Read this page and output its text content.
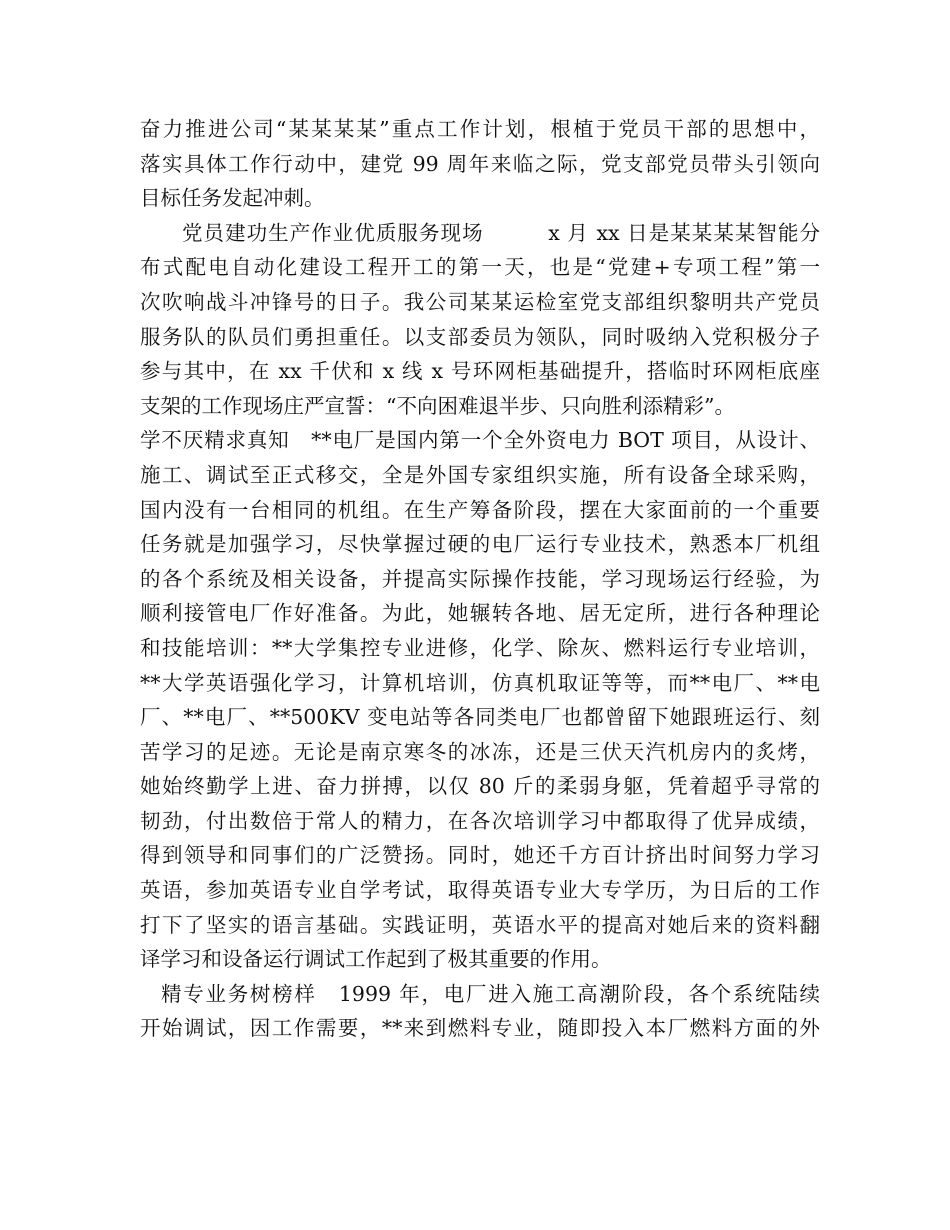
奋力推进公司“某某某某”重点工作计划，根植于党员干部的思想中，
落实具体工作行动中，建党 99 周年来临之际，党支部党员带头引领向
目标任务发起冲刺。
党员建功生产作业优质服务现场　　　x 月 xx 日是某某某某智能分
布式配电自动化建设工程开工的第一天，也是“党建+专项工程”第一
次吹响战斗冲锋号的日子。我公司某某运检室党支部组织黎明共产党员
服务队的队员们勇担重任。以支部委员为领队，同时吸纳入党积极分子
参与其中，在 xx 千伏和 x 线 x 号环网柜基础提升，搭临时环网柜底座
支架的工作现场庄严宣誓：“不向困难退半步、只向胜利添精彩”。
学不厌精求真知　**电厂是国内第一个全外资电力 BOT 项目，从设计、
施工、调试至正式移交，全是外国专家组织实施，所有设备全球采购，
国内没有一台相同的机组。在生产筹备阶段，摆在大家面前的一个重要
任务就是加强学习，尽快掌握过硬的电厂运行专业技术，熟悉本厂机组
的各个系统及相关设备，并提高实际操作技能，学习现场运行经验，为
顺利接管电厂作好准备。为此，她辗转各地、居无定所，进行各种理论
和技能培训：**大学集控专业进修，化学、除灰、燃料运行专业培训，
**大学英语强化学习，计算机培训，仿真机取证等等，而**电厂、**电
厂、**电厂、**500KV 变电站等各同类电厂也都曾留下她跟班运行、刻
苦学习的足迹。无论是南京寒冬的冰冻，还是三伏天汽机房内的炙烤，
她始终勤学上进、奋力拼搏，以仅 80 斤的柔弱身躯，凭着超乎寻常的
韧劲，付出数倍于常人的精力，在各次培训学习中都取得了优异成绩，
得到领导和同事们的广泛赞扬。同时，她还千方百计挤出时间努力学习
英语，参加英语专业自学考试，取得英语专业大专学历，为日后的工作
打下了坚实的语言基础。实践证明，英语水平的提高对她后来的资料翻
译学习和设备运行调试工作起到了极其重要的作用。
精专业务树榜样　1999 年，电厂进入施工高潮阶段，各个系统陆续
开始调试，因工作需要，**来到燃料专业，随即投入本厂燃料方面的外
